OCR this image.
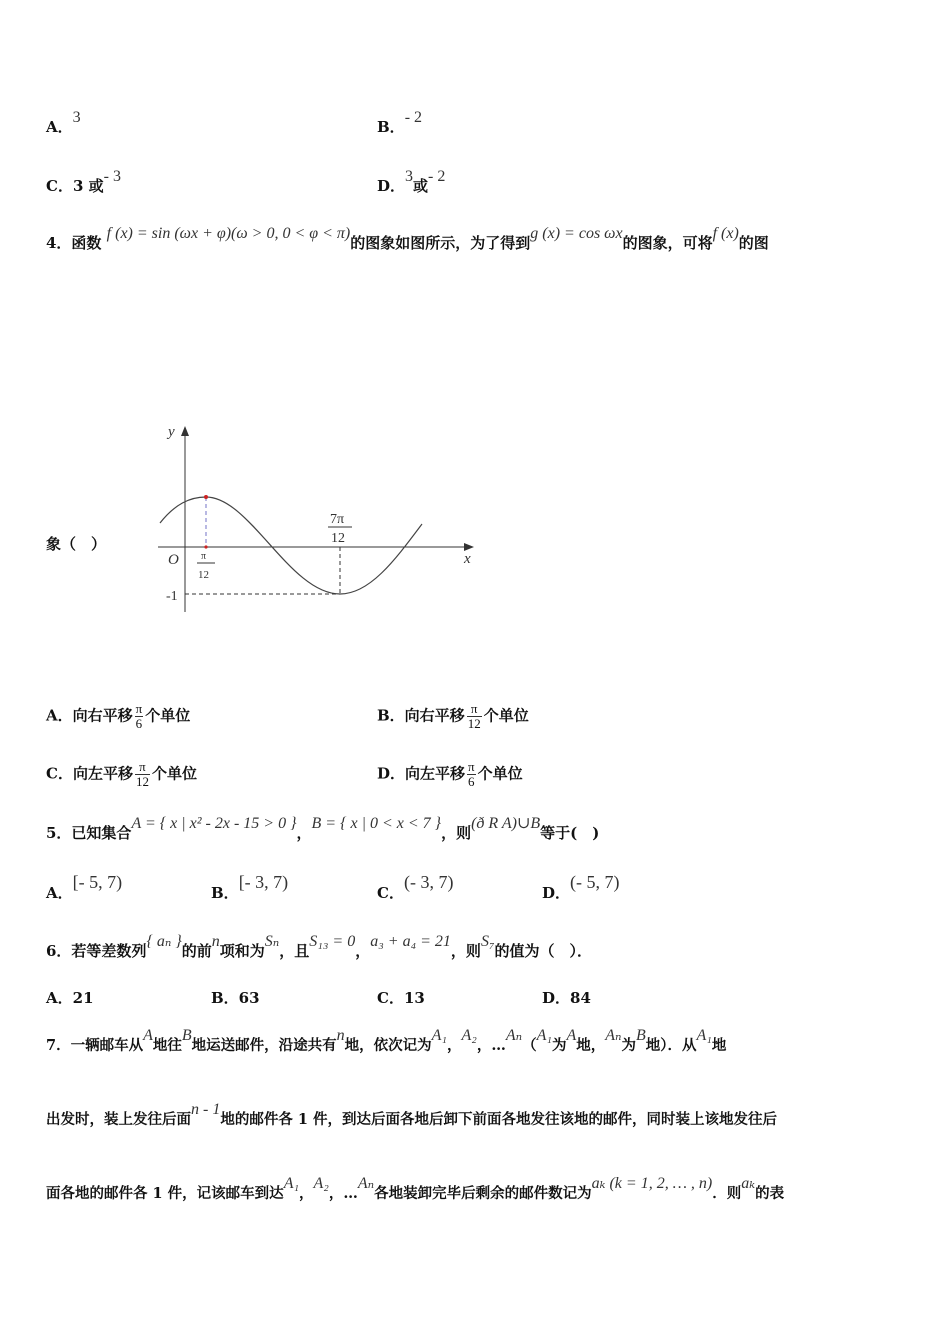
A．3
B．- 2
C．3 或- 3
D．3或- 2
4．函数 f (x) = sin (ωx + φ)(ω > 0, 0 < φ < π)的图象如图所示，为了得到g (x) = cos ωx的图象，可将f (x)的图
象（　）
y
x
O π
12
7π
12
-1
A．向右平移 $\frac{\pi}{6}$ 个单位	B．向右平移 $\frac{\pi}{12}$ 个单位
C．向左平移 $\frac{\pi}{12}$ 个单位	D．向左平移 $\frac{\pi}{6}$ 个单位
5．已知集合A = { x | x² - 2x - 15 > 0 }，B = { x | 0 < x < 7 }，则(ð R A)∪B等于(　)
A．[- 5, 7)
B．[- 3, 7)
C．(- 3, 7)
D．(- 5, 7)
6．若等差数列{ aₙ }的前n项和为Sₙ，且S₁₃ = 0，a₃ + a₄ = 21，则S₇的值为（　）．
A．21	B．63	C．13	D．84
7．一辆邮车从A地往B地运送邮件，沿途共有n地，依次记为A₁，A₂，…Aₙ（A₁为A地，Aₙ为B地）．从A₁地
出发时，装上发往后面n - 1地的邮件各 1 件，到达后面各地后卸下前面各地发往该地的邮件，同时装上该地发往后
面各地的邮件各 1 件，记该邮车到达A₁，A₂，…Aₙ各地装卸完毕后剩余的邮件数记为aₖ (k = 1, 2, … , n)．则aₖ的表
